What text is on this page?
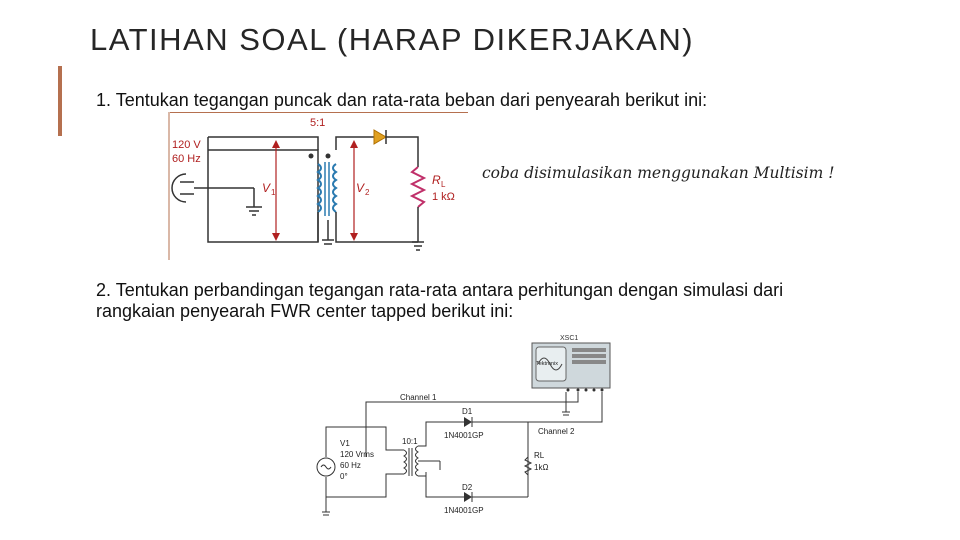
LATIHAN SOAL (HARAP DIKERJAKAN)
1. Tentukan tegangan puncak dan rata-rata beban dari penyearah berikut ini:
120 V
60 Hz
5:1
V 1	V 2
R L
1 kΩ
coba disimulasikan menggunakan Multisim !
2. Tentukan perbandingan tegangan rata-rata antara perhitungan dengan simulasi dari rangkaian penyearah FWR center tapped berikut ini:
XSC1
Tektronix
Channel 1
Channel 2
D1
1N4001GP
RL
1kΩ
D2
1N4001GP
10:1
V1
120 Vrms
60 Hz
0°
